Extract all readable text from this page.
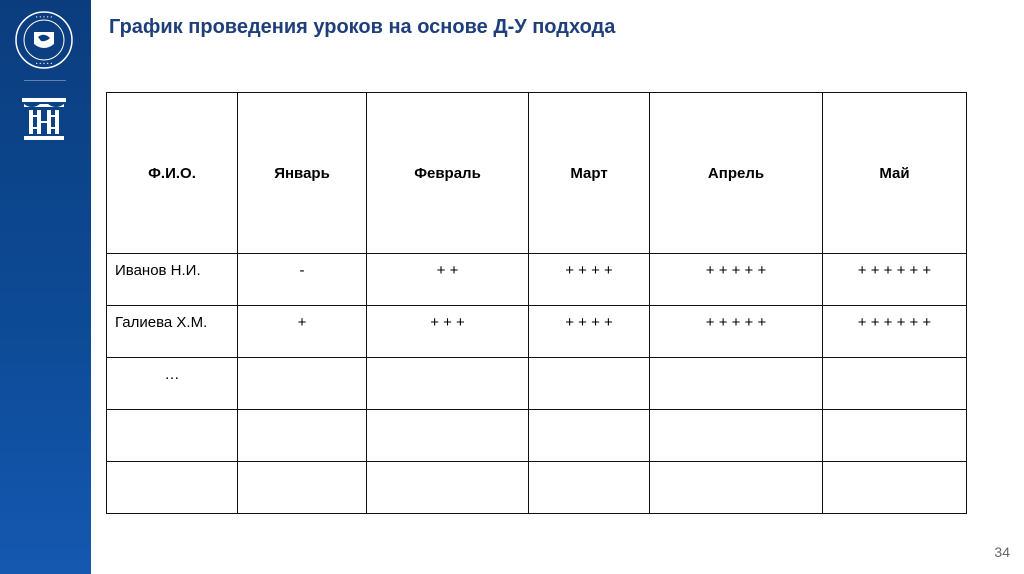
• • • • •
• • • • •
График проведения уроков на основе Д-У подхода
Ф.И.О.	Январь	Февраль	Март	Апрель	Май
Иванов Н.И.	-	+ +	+ + + +	+ + + + +	+ + + + + +
Галиева Х.М.	+	+ + +	+ + + +	+ + + + +	+ + + + + +
…					

34
